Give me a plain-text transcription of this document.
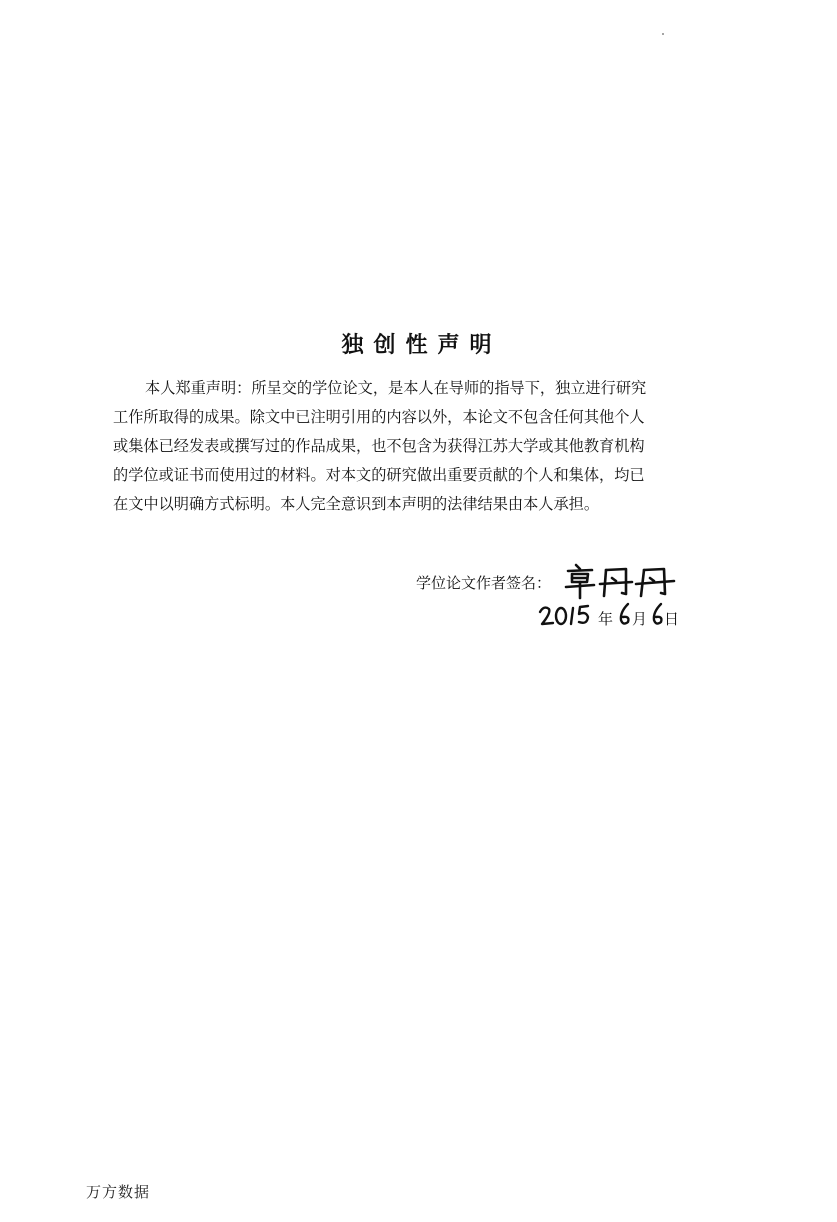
独创性声明
本人郑重声明：所呈交的学位论文，是本人在导师的指导下，独立进行研究
工作所取得的成果。除文中已注明引用的内容以外，本论文不包含任何其他个人
或集体已经发表或撰写过的作品成果，也不包含为获得江苏大学或其他教育机构
的学位或证书而使用过的材料。对本文的研究做出重要贡献的个人和集体，均已
在文中以明确方式标明。本人完全意识到本声明的法律结果由本人承担。
学位论文作者签名：
年 月 日
万方数据
